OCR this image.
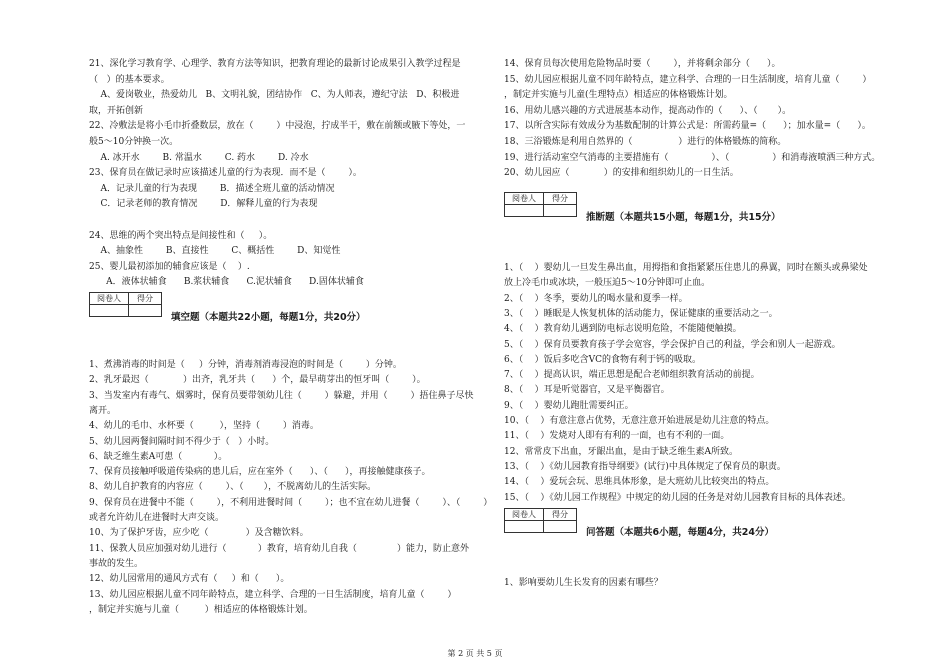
21、深化学习教育学、心理学、教育方法等知识，把教育理论的最新讨论成果引入教学过程是
（   ）的基本要求。
A、爱岗敬业，热爱幼儿   B、文明礼貌，团结协作   C、为人师表，遵纪守法   D、积极进
取，开拓创新
22、冷敷法是将小毛巾折叠数层，放在（        ）中浸泡，拧成半干，敷在前额或腋下等处，一
般5～10分钟换一次。
A. 冰开水        B. 常温水        C. 药水        D. 冷水
23、保育员在做记录时应该描述儿童的行为表现．而不是（        ）。
A．记录儿童的行为表现        B．描述全班儿童的活动情况
C．记录老师的教育情况        D．解释儿童的行为表现
24、思维的两个突出特点是间接性和（     ）。
A、抽象性        B、直接性        C、概括性        D、知觉性
25、婴儿最初添加的辅食应该是（    ）.
A．液体状辅食      B.浆状辅食      C.泥状辅食      D.固体状辅食
阅卷人	得分

填空题（本题共22小题，每题1分，共20分）
1、煮沸消毒的时间是（     ）分钟，消毒剂消毒浸泡的时间是（        ）分钟。
2、乳牙最迟（            ）出齐，乳牙共（      ）个，最早萌芽出的恒牙叫（        ）。
3、当发室内有毒气、烟雾时，保育员要带领幼儿往（        ）躲避，并用（        ）捂住鼻子尽快
离开。
4、幼儿的毛巾、水杯要（         ），坚持（        ）消毒。
5、幼儿园两餐间隔时间不得少于（   ）小时。
6、缺乏维生素A可患（           ）。
7、保育员接触呼吸道传染病的患儿后，应在室外（      ）、（      ），再接触健康孩子。
8、幼儿自护教育的内容应（        ）、（       ），不脱离幼儿的生活实际。
9、保育员在进餐中不能（        ），不利用进餐时间（        ）；也不宜在幼儿进餐（        ）、（        ）
或者允许幼儿在进餐时大声交谈。
10、为了保护牙齿，应少吃（             ）及含糖饮料。
11、保教人员应加强对幼儿进行（           ）教育，培育幼儿自我（              ）能力，防止意外
事故的发生。
12、幼儿园常用的通风方式有（     ）和（      ）。
13、幼儿园应根据儿童不同年龄特点，建立科学、合理的一日生活制度，培育儿童（        ）
，制定并实施与儿童（         ）相适应的体格锻炼计划。
14、保育员每次使用危险物品时要（        ），并将剩余部分（      ）。
15、幼儿园应根据儿童不同年龄特点，建立科学、合理的一日生活制度，培育儿童（        ）
，制定并实施与儿童(生理特点）相适应的体格锻炼计划。
16、用幼儿感兴趣的方式进展基本动作，提高动作的（      ）、（       ）。
17、以所含实际有效成分为基数配制的计算公式是：所需药量=（      ）；加水量=（      ）。
18、三浴锻炼是利用自然界的（                ）进行的体格锻炼的简称。
19、进行活动室空气消毒的主要措施有（               ）、（               ）和消毒液喷洒三种方式。
20、幼儿园应（            ）的安排和组织幼儿的一日生活。
阅卷人	得分

推断题（本题共15小题，每题1分，共15分）
1、（    ）婴幼儿一旦发生鼻出血，用拇指和食指紧紧压住患儿的鼻翼，同时在额头或鼻梁处
放上冷毛巾或冰块，一般压迫5～10分钟即可止血。
2、（    ）冬季，要幼儿的喝水量和夏季一样。
3、（    ）睡眠是人恢复机体的活动能力，保证健康的重要活动之一。
4、（    ）教育幼儿遇到防电标志说明危险，不能随便触摸。
5、（    ）保育员要教育孩子学会宽容，学会保护自己的利益，学会和别人一起游戏。
6、（    ）饭后多吃含VC的食物有利于钙的吸取。
7、（    ）提高认识，端正思想是配合老师组织教育活动的前提。
8、（    ）耳是听觉器官，又是平衡器官。
9、（    ）婴幼儿跑肚需要纠正。
10、（    ）有意注意占优势，无意注意开始进展是幼儿注意的特点。
11、（    ）发烧对人即有有利的一面，也有不利的一面。
12、常常皮下出血，牙龈出血，是由于缺乏维生素A所致。
13、（    ）《幼儿园教育指导纲要》(试行)中具体规定了保育员的职责。
14、（    ）爱玩会玩、思维具体形象，是大班幼儿比较突出的特点。
15、（    ）《幼儿园工作规程》中规定的幼儿园的任务是对幼儿园教育目标的具体表述。
阅卷人	得分

问答题（本题共6小题，每题4分，共24分）
1、影响要幼儿生长发育的因素有哪些？
第 2 页 共 5 页
